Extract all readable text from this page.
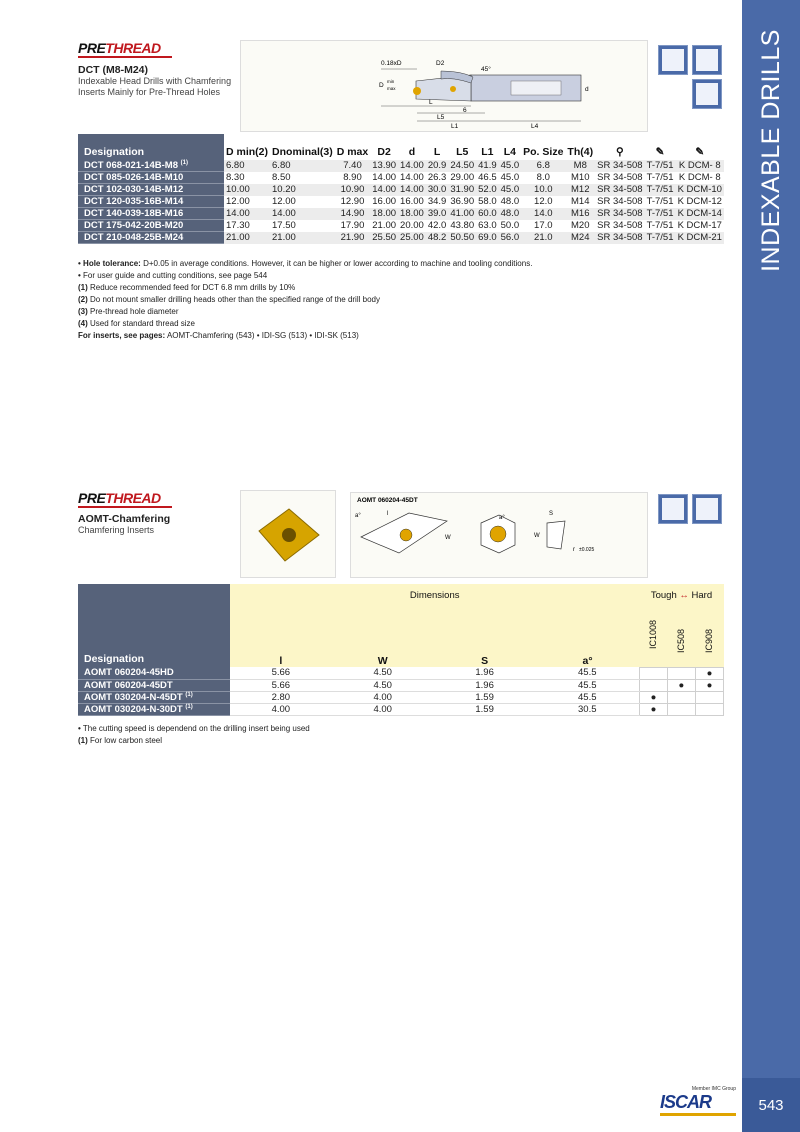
INDEXABLE DRILLS
543
PRETHREAD
DCT (M8-M24)
Indexable Head Drills with Chamfering
Inserts Mainly for Pre-Thread Holes
0.18xD	D2
45°
D
min
max	d
L
6
L5
L1	L4
Designation	D min(2)	Dnominal(3)	D max	D2	d	L	L5	L1	L4	Po. Size	Th(4)	⚲	✎	✎
DCT 068-021-14B-M8 $^{(1)}$	6.80	6.80	7.40	13.90	14.00	20.9	24.50	41.9	45.0	6.8	M8	SR 34-508	T-7/51	K DCM- 8
DCT 085-026-14B-M10	8.30	8.50	8.90	14.00	14.00	26.3	29.00	46.5	45.0	8.0	M10	SR 34-508	T-7/51	K DCM- 8
DCT 102-030-14B-M12	10.00	10.20	10.90	14.00	14.00	30.0	31.90	52.0	45.0	10.0	M12	SR 34-508	T-7/51	K DCM-10
DCT 120-035-16B-M14	12.00	12.00	12.90	16.00	16.00	34.9	36.90	58.0	48.0	12.0	M14	SR 34-508	T-7/51	K DCM-12
DCT 140-039-18B-M16	14.00	14.00	14.90	18.00	18.00	39.0	41.00	60.0	48.0	14.0	M16	SR 34-508	T-7/51	K DCM-14
DCT 175-042-20B-M20	17.30	17.50	17.90	21.00	20.00	42.0	43.80	63.0	50.0	17.0	M20	SR 34-508	T-7/51	K DCM-17
DCT 210-048-25B-M24	21.00	21.00	21.90	25.50	25.00	48.2	50.50	69.0	56.0	21.0	M24	SR 34-508	T-7/51	K DCM-21
• Hole tolerance: D+0.05 in average conditions. However, it can be higher or lower according to machine and tooling conditions.
• For user guide and cutting conditions, see page 544
(1) Reduce recommended feed for DCT 6.8 mm drills by 10%
(2) Do not mount smaller drilling heads other than the specified range of the drill body
(3) Pre-thread hole diameter
(4) Used for standard thread size
For inserts, see pages: AOMT-Chamfering (543) • IDI-SG (513) • IDI-SK (513)
PRETHREAD
AOMT-Chamfering
Chamfering Inserts
AOMT 060204-45DT
a°	l
W
a°
W
S
r ±0.025
Designation	Dimensions				Tough ↔ Hard		
	l	W	S	a°	IC1008	IC508	IC908

AOMT 060204-45HD	5.66	4.50	1.96	45.5			●
AOMT 060204-45DT	5.66	4.50	1.96	45.5		●	●
AOMT 030204-N-45DT $^{(1)}$	2.80	4.00	1.59	45.5	●		
AOMT 030204-N-30DT $^{(1)}$	4.00	4.00	1.59	30.5	●		
• The cutting speed is dependend on the drilling insert being used
(1) For low carbon steel
Member IMC Group
ISCAR
